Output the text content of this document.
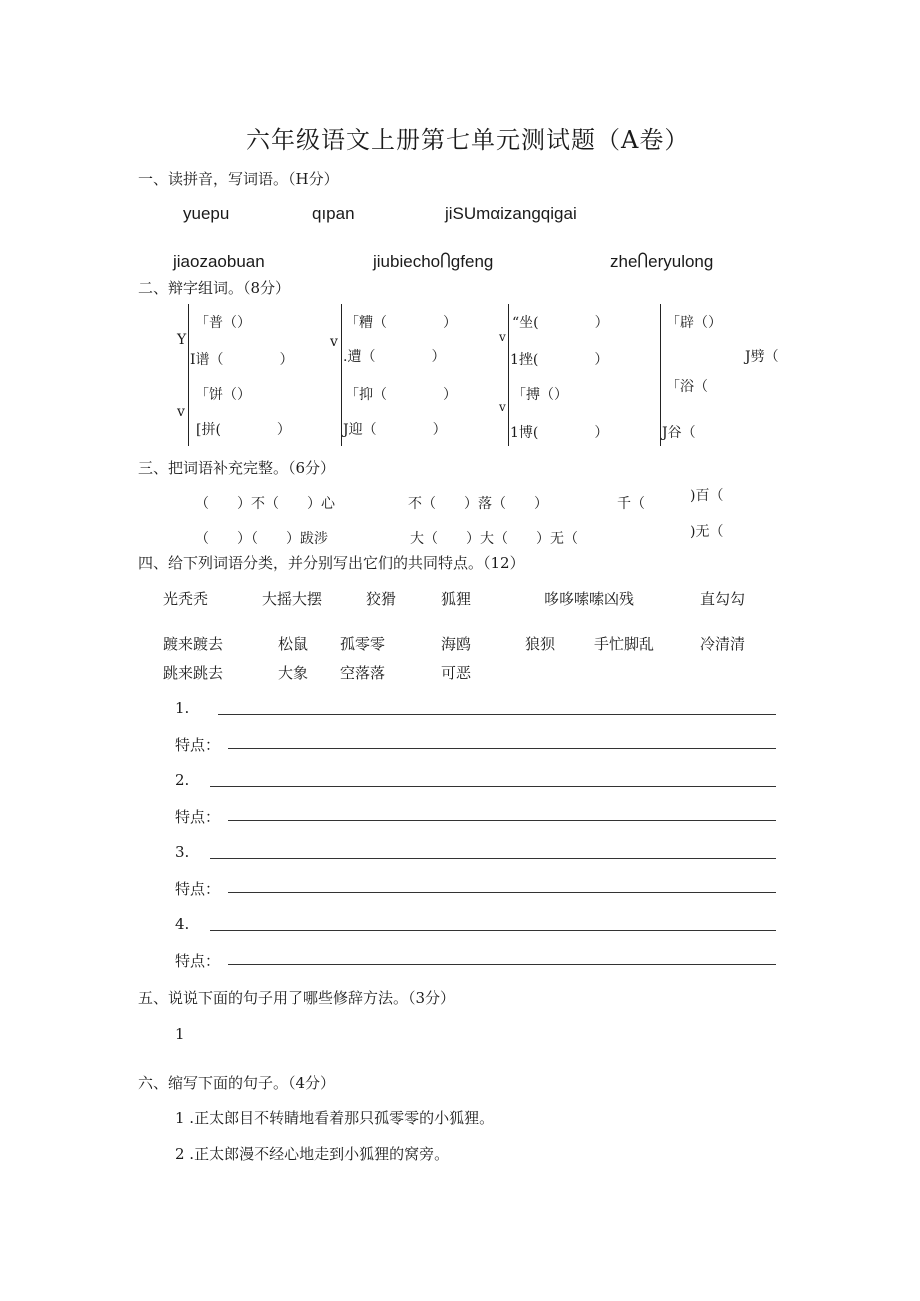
六年级语文上册第七单元测试题（A卷）
一、读拼音，写词语。（H分）
yuepu	qıpan	jiSUmαizangqigai
jiaozaobuan	jiubiechoႶgfeng	zheႶeryulong
二、辩字组词。（8分）
Y
v
v	v
v
「普（）
I谱（　　　　）
「饼（）
[拼(　　　　）
「糟（　　　　）
.遭（　　　　）
「抑（　　　　）
J迎（　　　　）
“坐(　　　　）
1挫(　　　　）
「搏（）
1博(　　　　）
「辟（）
J劈（
「浴（
J谷（
三、把词语补充完整。（6分）
（　　）不（　　）心	不（　　）落（　　）	千（	)百（
（　　）（　　）跋涉	大（　　）大（　　）无（	)无（
四、给下列词语分类，并分别写出它们的共同特点。（12）
光秃秃	大摇大摆	狡猾	狐狸	哆哆嗦嗦凶残	直勾勾
踱来踱去	松鼠 孤零零	海鸥	狼狈	手忙脚乱	冷清清
跳来跳去	大象 空落落	可恶
1.
特点：
2.
特点：
3.
特点：
4.
特点：
五、说说下面的句子用了哪些修辞方法。（3分）
1
六、缩写下面的句子。（4分）
1 .正太郎目不转睛地看着那只孤零零的小狐狸。
2 .正太郎漫不经心地走到小狐狸的窝旁。
